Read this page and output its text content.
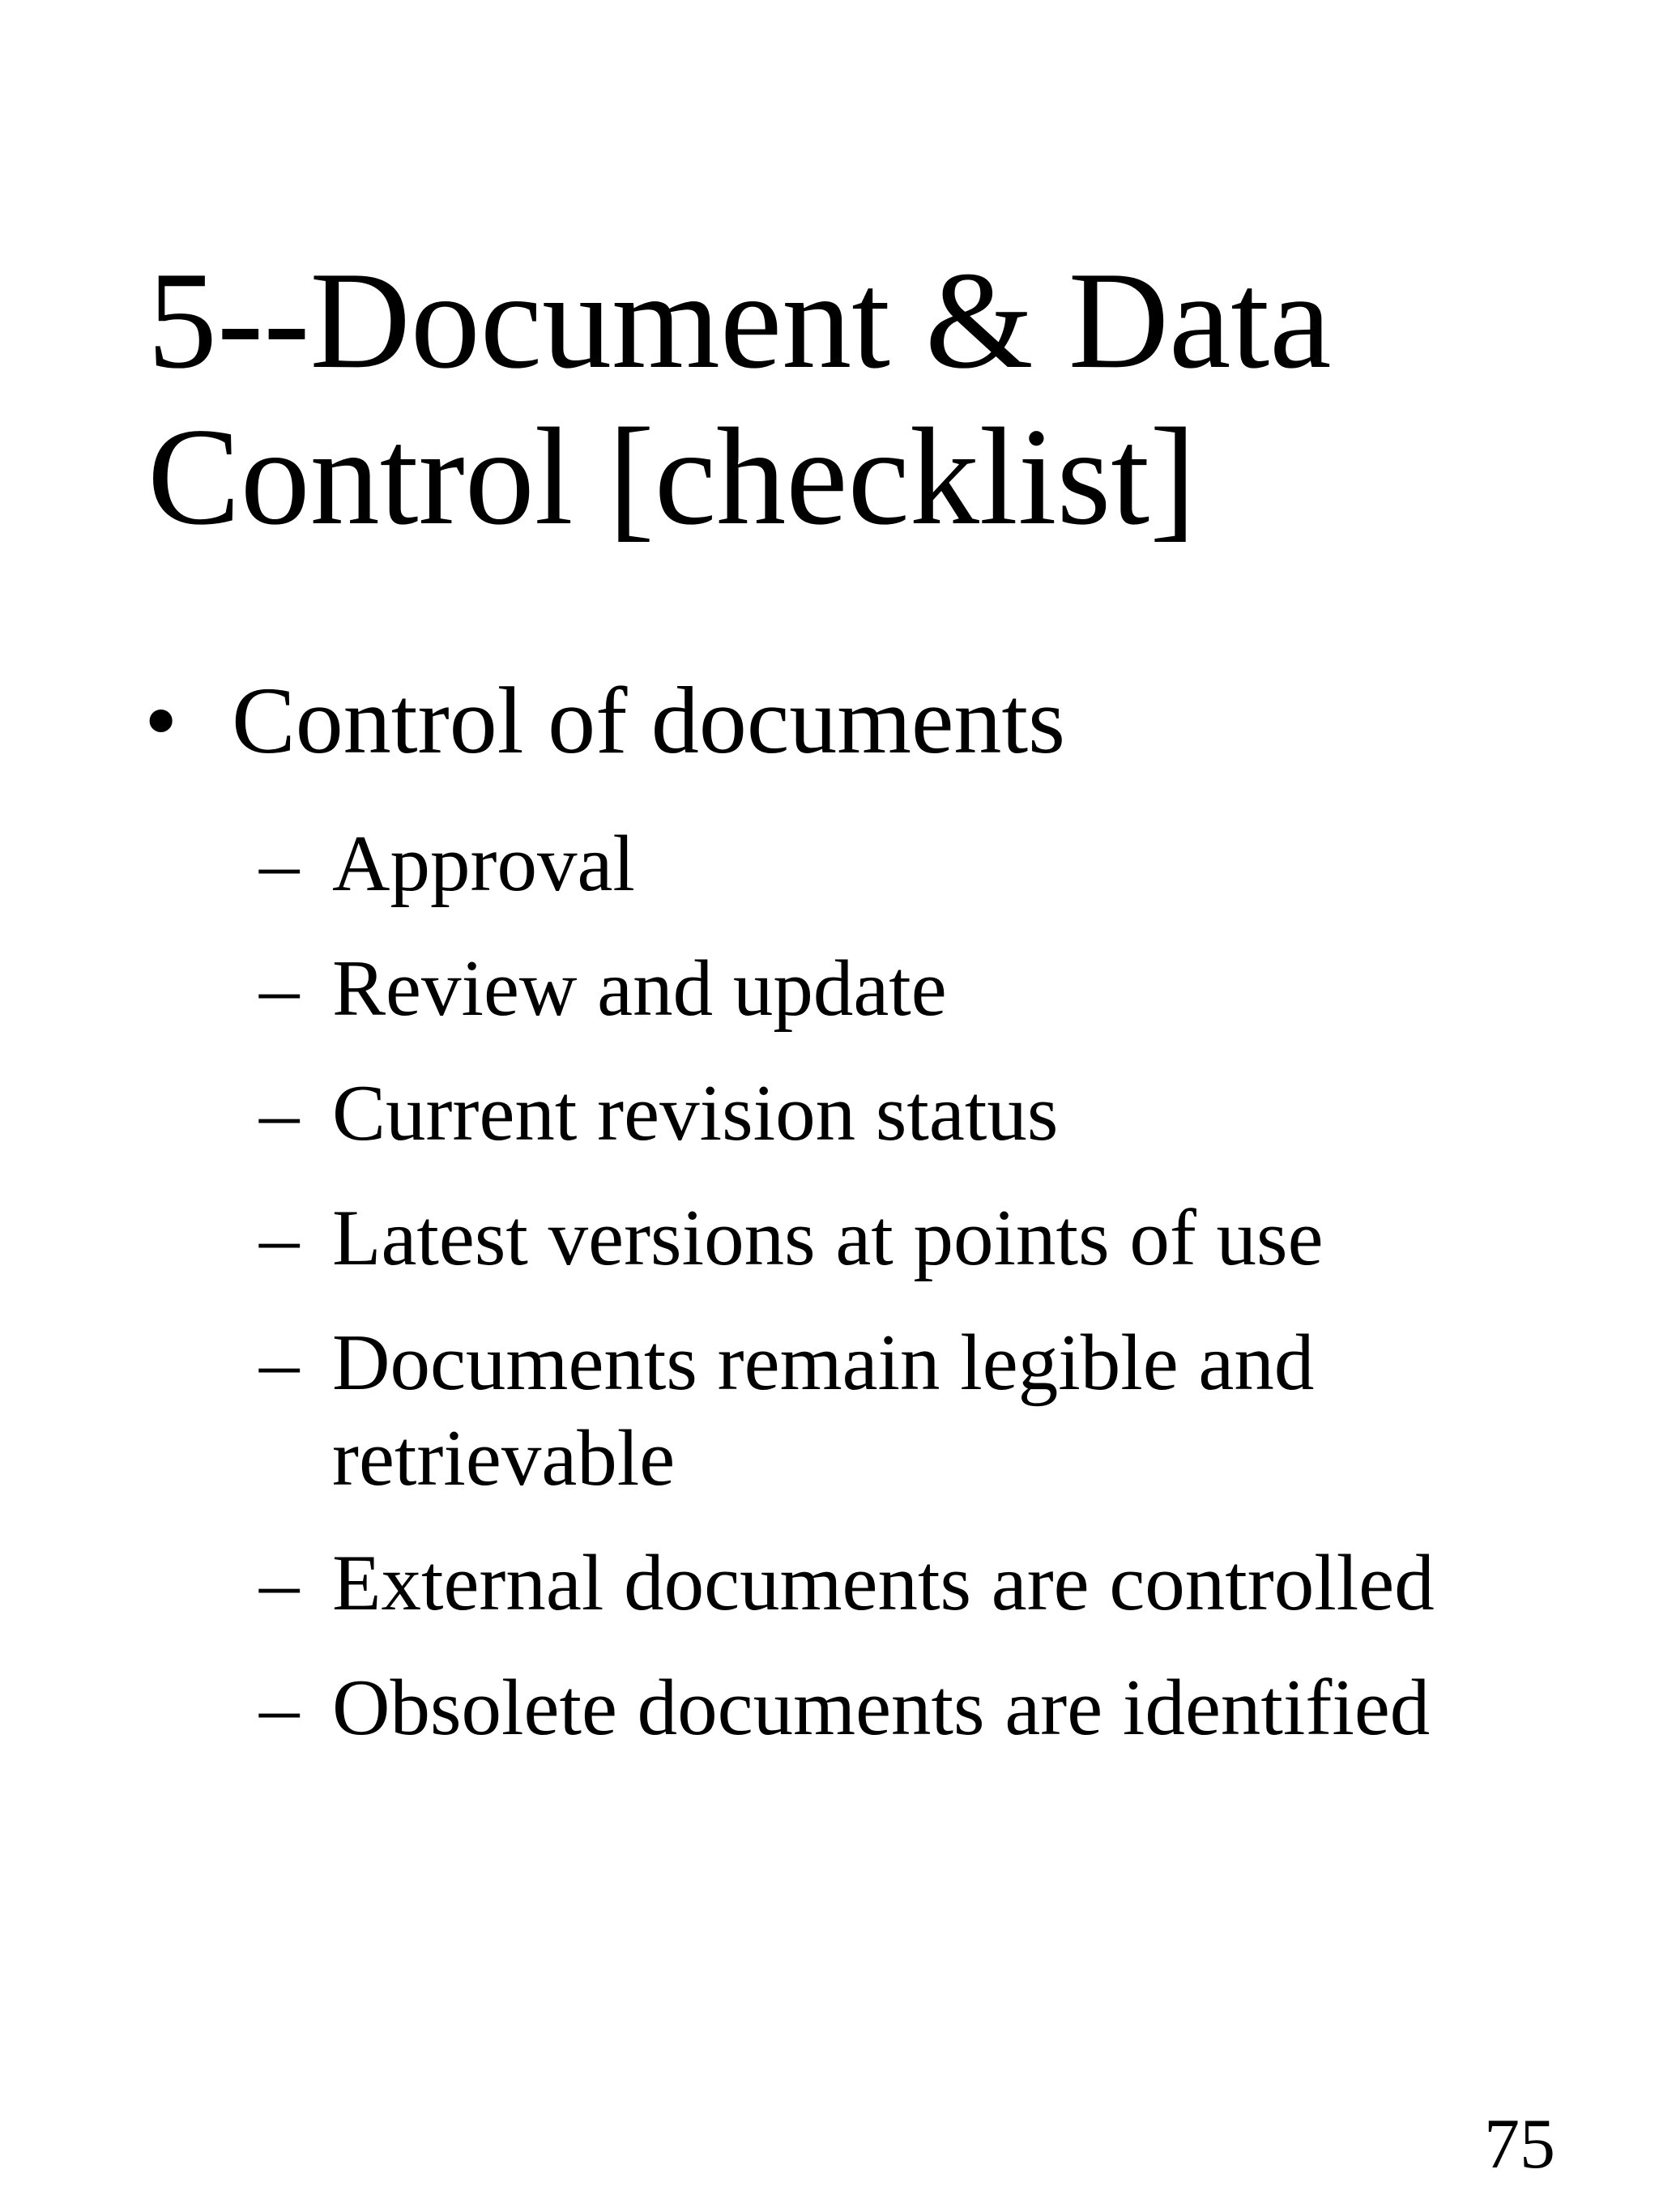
5--Document & Data
Control [checklist]
• Control of documents
– Approval
– Review and update
– Current revision status
– Latest versions at points of use
– Documents remain legible and retrievable
– External documents are controlled
– Obsolete documents are identified
75
